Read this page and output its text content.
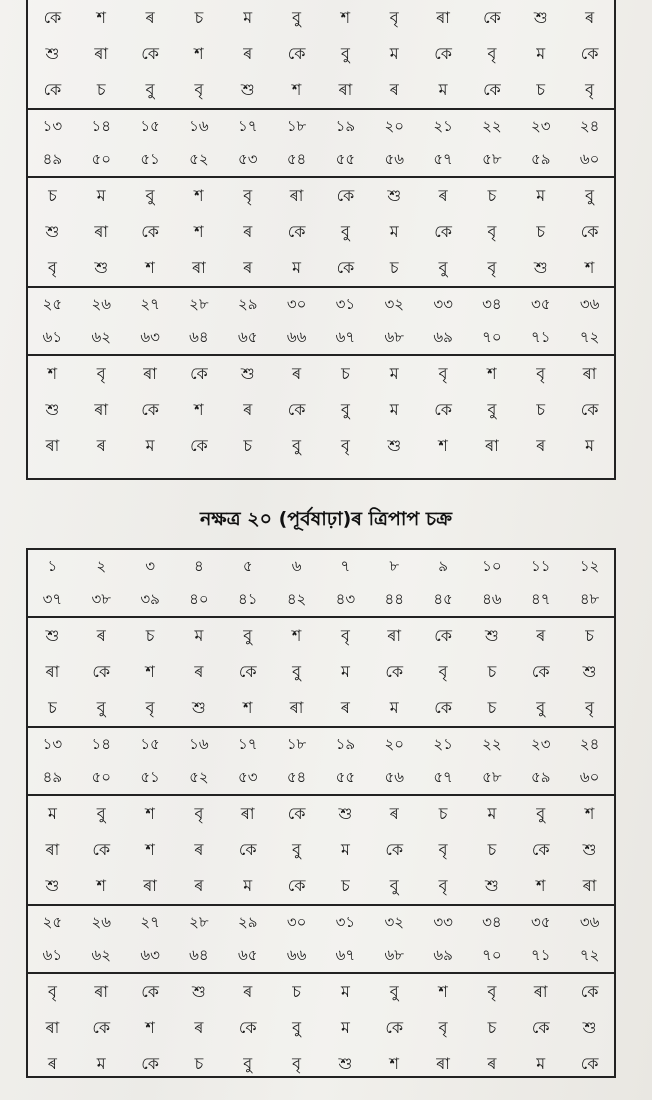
কে	শ	ৰ	চ	ম	বু	শ	বৃ	ৰা	কে	শু	ৰ
শু	ৰা	কে	শ	ৰ	কে	বু	ম	কে	বৃ	ম	কে
কে	চ	বু	বৃ	শু	শ	ৰা	ৰ	ম	কে	চ	বৃ
১৩	১৪	১৫	১৬	১৭	১৮	১৯	২০	২১	২২	২৩	২৪
৪৯	৫০	৫১	৫২	৫৩	৫৪	৫৫	৫৬	৫৭	৫৮	৫৯	৬০
চ	ম	বু	শ	বৃ	ৰা	কে	শু	ৰ	চ	ম	বু
শু	ৰা	কে	শ	ৰ	কে	বু	ম	কে	বৃ	চ	কে
বৃ	শু	শ	ৰা	ৰ	ম	কে	চ	বু	বৃ	শু	শ
২৫	২৬	২৭	২৮	২৯	৩০	৩১	৩২	৩৩	৩৪	৩৫	৩৬
৬১	৬২	৬৩	৬৪	৬৫	৬৬	৬৭	৬৮	৬৯	৭০	৭১	৭২
শ	বৃ	ৰা	কে	শু	ৰ	চ	ম	বৃ	শ	বৃ	ৰা
শু	ৰা	কে	শ	ৰ	কে	বু	ম	কে	বু	চ	কে
ৰা	ৰ	ম	কে	চ	বু	বৃ	শু	শ	ৰা	ৰ	ম
নক্ষত্র ২০ (পূৰ্বষাঢ়া)ৰ ত্রিপাপ চক্র
১	২	৩	৪	৫	৬	৭	৮	৯	১০	১১	১২
৩৭	৩৮	৩৯	৪০	৪১	৪২	৪৩	৪৪	৪৫	৪৬	৪৭	৪৮
শু	ৰ	চ	ম	বু	শ	বৃ	ৰা	কে	শু	ৰ	চ
ৰা	কে	শ	ৰ	কে	বু	ম	কে	বৃ	চ	কে	শু
চ	বু	বৃ	শু	শ	ৰা	ৰ	ম	কে	চ	বু	বৃ
১৩	১৪	১৫	১৬	১৭	১৮	১৯	২০	২১	২২	২৩	২৪
৪৯	৫০	৫১	৫২	৫৩	৫৪	৫৫	৫৬	৫৭	৫৮	৫৯	৬০
ম	বু	শ	বৃ	ৰা	কে	শু	ৰ	চ	ম	বু	শ
ৰা	কে	শ	ৰ	কে	বু	ম	কে	বৃ	চ	কে	শু
শু	শ	ৰা	ৰ	ম	কে	চ	বু	বৃ	শু	শ	ৰা
২৫	২৬	২৭	২৮	২৯	৩০	৩১	৩২	৩৩	৩৪	৩৫	৩৬
৬১	৬২	৬৩	৬৪	৬৫	৬৬	৬৭	৬৮	৬৯	৭০	৭১	৭২
বৃ	ৰা	কে	শু	ৰ	চ	ম	বু	শ	বৃ	ৰা	কে
ৰা	কে	শ	ৰ	কে	বু	ম	কে	বৃ	চ	কে	শু
ৰ	ম	কে	চ	বু	বৃ	শু	শ	ৰা	ৰ	ম	কে
